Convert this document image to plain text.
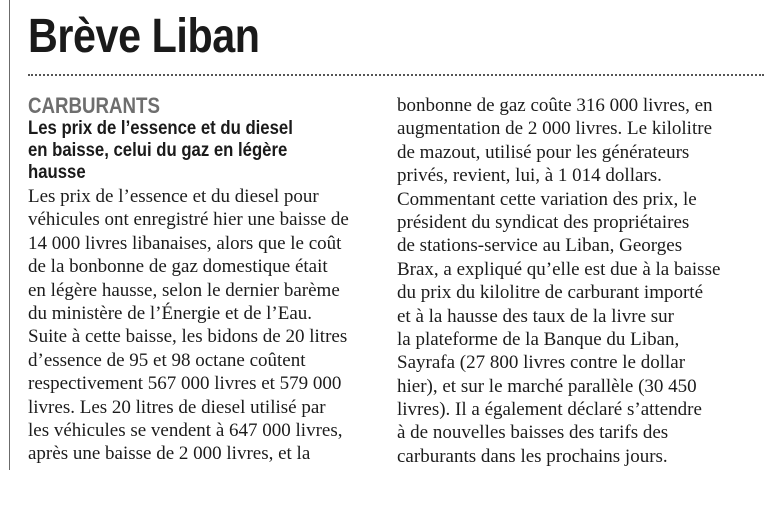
Brève Liban
CARBURANTS
Les prix de l’essence et du diesel
en baisse, celui du gaz en légère
hausse
Les prix de l’essence et du diesel pour
véhicules ont enregistré hier une baisse de
14 000 livres libanaises, alors que le coût
de la bonbonne de gaz domestique était
en légère hausse, selon le dernier barème
du ministère de l’Énergie et de l’Eau.
Suite à cette baisse, les bidons de 20 litres
d’essence de 95 et 98 octane coûtent
respectivement 567 000 livres et 579 000
livres. Les 20 litres de diesel utilisé par
les véhicules se vendent à 647 000 livres,
après une baisse de 2 000 livres, et la
bonbonne de gaz coûte 316 000 livres, en
augmentation de 2 000 livres. Le kilolitre
de mazout, utilisé pour les générateurs
privés, revient, lui, à 1 014 dollars.
Commentant cette variation des prix, le
président du syndicat des propriétaires
de stations-service au Liban, Georges
Brax, a expliqué qu’elle est due à la baisse
du prix du kilolitre de carburant importé
et à la hausse des taux de la livre sur
la plateforme de la Banque du Liban,
Sayrafa (27 800 livres contre le dollar
hier), et sur le marché parallèle (30 450
livres). Il a également déclaré s’attendre
à de nouvelles baisses des tarifs des
carburants dans les prochains jours.
